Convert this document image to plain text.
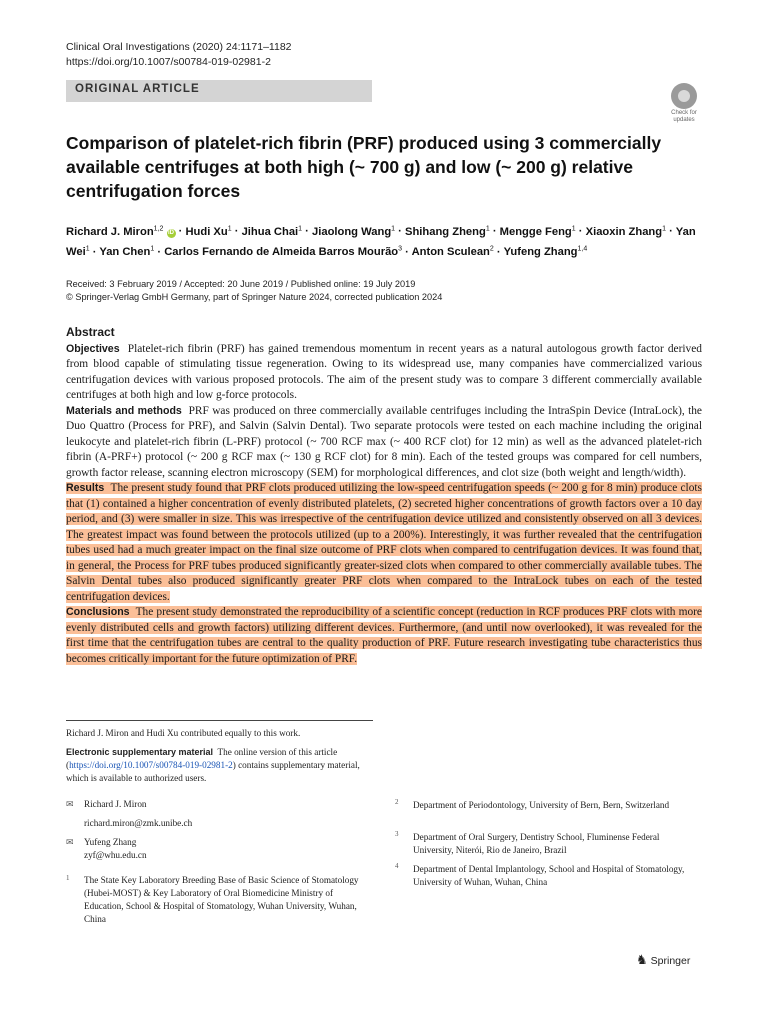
Clinical Oral Investigations (2020) 24:1171–1182
https://doi.org/10.1007/s00784-019-02981-2
ORIGINAL ARTICLE
Check for updates
Comparison of platelet-rich fibrin (PRF) produced using 3 commercially available centrifuges at both high (~ 700 g) and low (~ 200 g) relative centrifugation forces
Richard J. Miron$^{1,2}$ iD · Hudi $Xu^1$ · Jihua Chai$^1$ · Jiaolong Wang$^1$ · Shihang Zheng$^1$ · Mengge Feng$^1$ · Xiaoxin Zhang$^1$ · Yan Wei$^1$ · Yan Chen$^1$ · Carlos Fernando de Almeida Barros Mourão$^3$ · Anton Sculean$^2$ · Yufeng Zhang$^{1,4}$
Received: 3 February 2019 / Accepted: 20 June 2019 / Published online: 19 July 2019
© Springer-Verlag GmbH Germany, part of Springer Nature 2024, corrected publication 2024
Abstract

Objectives Platelet-rich fibrin (PRF) has gained tremendous momentum in recent years as a natural autologous growth factor derived from blood capable of stimulating tissue regeneration. Owing to its widespread use, many companies have commercialized various centrifugation devices with various proposed protocols. The aim of the present study was to compare 3 different commercially available centrifuges at both high and low g-force protocols.

Materials and methods PRF was produced on three commercially available centrifuges including the IntraSpin Device (IntraLock), the Duo Quattro (Process for PRF), and Salvin (Salvin Dental). Two separate protocols were tested on each machine including the original leukocyte and platelet-rich fibrin (L-PRF) protocol (~ 700 RCF max (~ 400 RCF clot) for 12 min) as well as the advanced platelet-rich fibrin (A-PRF+) protocol (~ 200 g RCF max (~ 130 g RCF clot) for 8 min). Each of the tested groups was compared for cell numbers, growth factor release, scanning electron microscopy (SEM) for morphological differences, and clot size (both weight and length/width).

Results The present study found that PRF clots produced utilizing the low-speed centrifugation speeds (~ 200 g for 8 min) produce clots that (1) contained a higher concentration of evenly distributed platelets, (2) secreted higher concentrations of growth factors over a 10 day period, and (3) were smaller in size. This was irrespective of the centrifugation device utilized and consistently observed on all 3 devices. The greatest impact was found between the protocols utilized (up to a 200%). Interestingly, it was further revealed that the centrifugation tubes used had a much greater impact on the final size outcome of PRF clots when compared to centrifugation devices. It was found that, in general, the Process for PRF tubes produced significantly greater-sized clots when compared to other commercially available tubes. The Salvin Dental tubes also produced significantly greater PRF clots when compared to the IntraLock tubes on each of the tested centrifugation devices.

Conclusions The present study demonstrated the reproducibility of a scientific concept (reduction in RCF produces PRF clots with more evenly distributed cells and growth factors) utilizing different devices. Furthermore, (and until now overlooked), it was revealed for the first time that the centrifugation tubes are central to the quality production of PRF. Future research investigating tube characteristics thus becomes critically important for the future optimization of PRF.

Richard J. Miron and Hudi Xu contributed equally to this work.
Electronic supplementary material The online version of this article (https://doi.org/10.1007/s00784-019-02981-2) contains supplementary material, which is available to authorized users.
✉ Richard J. Miron
richard.miron@zmk.unibe.ch
✉ Yufeng Zhang
zyf@whu.edu.cn
1 The State Key Laboratory Breeding Base of Basic Science of Stomatology (Hubei-MOST) & Key Laboratory of Oral Biomedicine Ministry of Education, School & Hospital of Stomatology, Wuhan University, Wuhan, China
2 Department of Periodontology, University of Bern, Bern, Switzerland
3 Department of Oral Surgery, Dentistry School, Fluminense Federal University, Niterói, Rio de Janeiro, Brazil
4 Department of Dental Implantology, School and Hospital of Stomatology, University of Wuhan, Wuhan, China
♞ Springer
